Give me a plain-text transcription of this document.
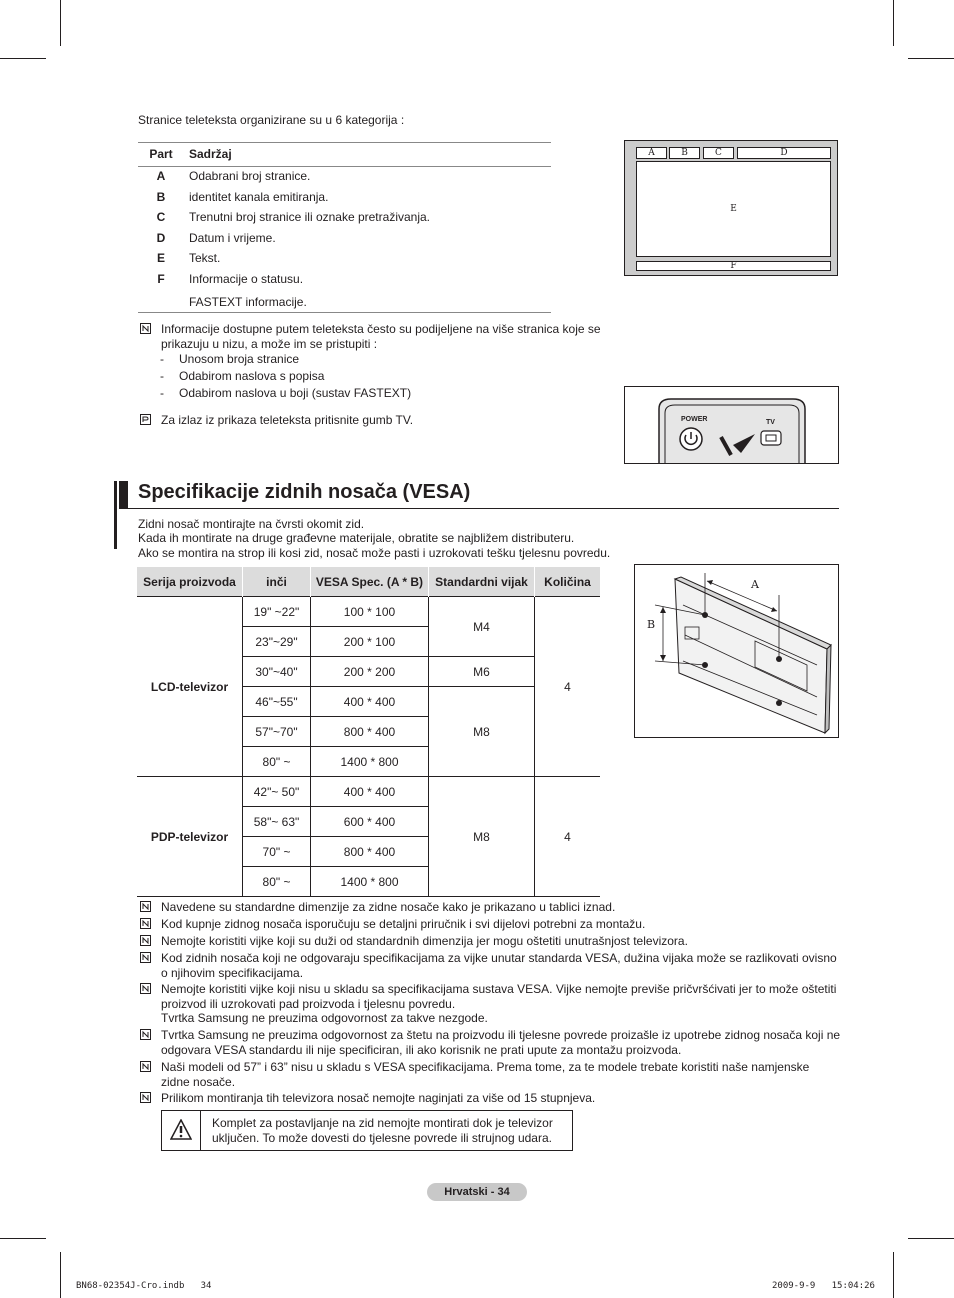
Stranice teleteksta organizirane su u 6 kategorija :
Part	Sadržaj
A	Odabrani broj stranice.
B	identitet kanala emitiranja.
C	Trenutni broj stranice ili oznake pretraživanja.
D	Datum i vrijeme.
E	Tekst.
F	Informacije o statusu.
FASTEXT informacije.
A	B	C	D
E
F
Informacije dostupne putem teleteksta često su podijeljene na više stranica koje se prikazuju u nizu, a može im se pristupiti :
- Unosom broja stranice
- Odabirom naslova s popisa
- Odabirom naslova u boji (sustav FASTEXT)
Za izlaz iz prikaza teleteksta pritisnite gumb TV.	POWER	TV
Specifikacije zidnih nosača (VESA)
Zidni nosač montirajte na čvrsti okomit zid.
Kada ih montirate na druge građevne materijale, obratite se najbližem distributeru.
Ako se montira na strop ili kosi zid, nosač može pasti i uzrokovati tešku tjelesnu povredu.
Serija proizvoda	inči	VESA Spec. (A * B)	Standardni vijak	Količina
LCD-televizor	19" ~22"	100 * 100	M4	4
	23"~29"	200 * 100		
	30"~40"	200 * 200	M6	
	46"~55"	400 * 400	M8	
	57"~70"	800 * 400		
	80" ~	1400 * 800		
PDP-televizor	42"~ 50"	400 * 400	M8	4
	58"~ 63"	600 * 400		
	70" ~	800 * 400		
	80" ~	1400 * 800		
A
B
Navedene su standardne dimenzije za zidne nosače kako je prikazano u tablici iznad.
Kod kupnje zidnog nosača isporučuju se detaljni priručnik i svi dijelovi potrebni za montažu.
Nemojte koristiti vijke koji su duži od standardnih dimenzija jer mogu oštetiti unutrašnjost televizora.
Kod zidnih nosača koji ne odgovaraju specifikacijama za vijke unutar standarda VESA, dužina vijaka može se razlikovati ovisno o njihovim specifikacijama.
Nemojte koristiti vijke koji nisu u skladu sa specifikacijama sustava VESA. Vijke nemojte previše pričvršćivati jer to može oštetiti proizvod ili uzrokovati pad proizvoda i tjelesnu povredu.
Tvrtka Samsung ne preuzima odgovornost za takve nezgode.
Tvrtka Samsung ne preuzima odgovornost za štetu na proizvodu ili tjelesne povrede proizašle iz upotrebe zidnog nosača koji ne odgovara VESA standardu ili nije specificiran, ili ako korisnik ne prati upute za montažu proizvoda.
Naši modeli od 57” i 63” nisu u skladu s VESA specifikacijama. Prema tome, za te modele trebate koristiti naše namjenske zidne nosače.
Prilikom montiranja tih televizora nosač nemojte naginjati za više od 15 stupnjeva.
Komplet za postavljanje na zid nemojte montirati dok je televizor uključen. To može dovesti do tjelesne povrede ili strujnog udara.
Hrvatski - 34
BN68-02354J-Cro.indb   34	2009-9-9   15:04:26
